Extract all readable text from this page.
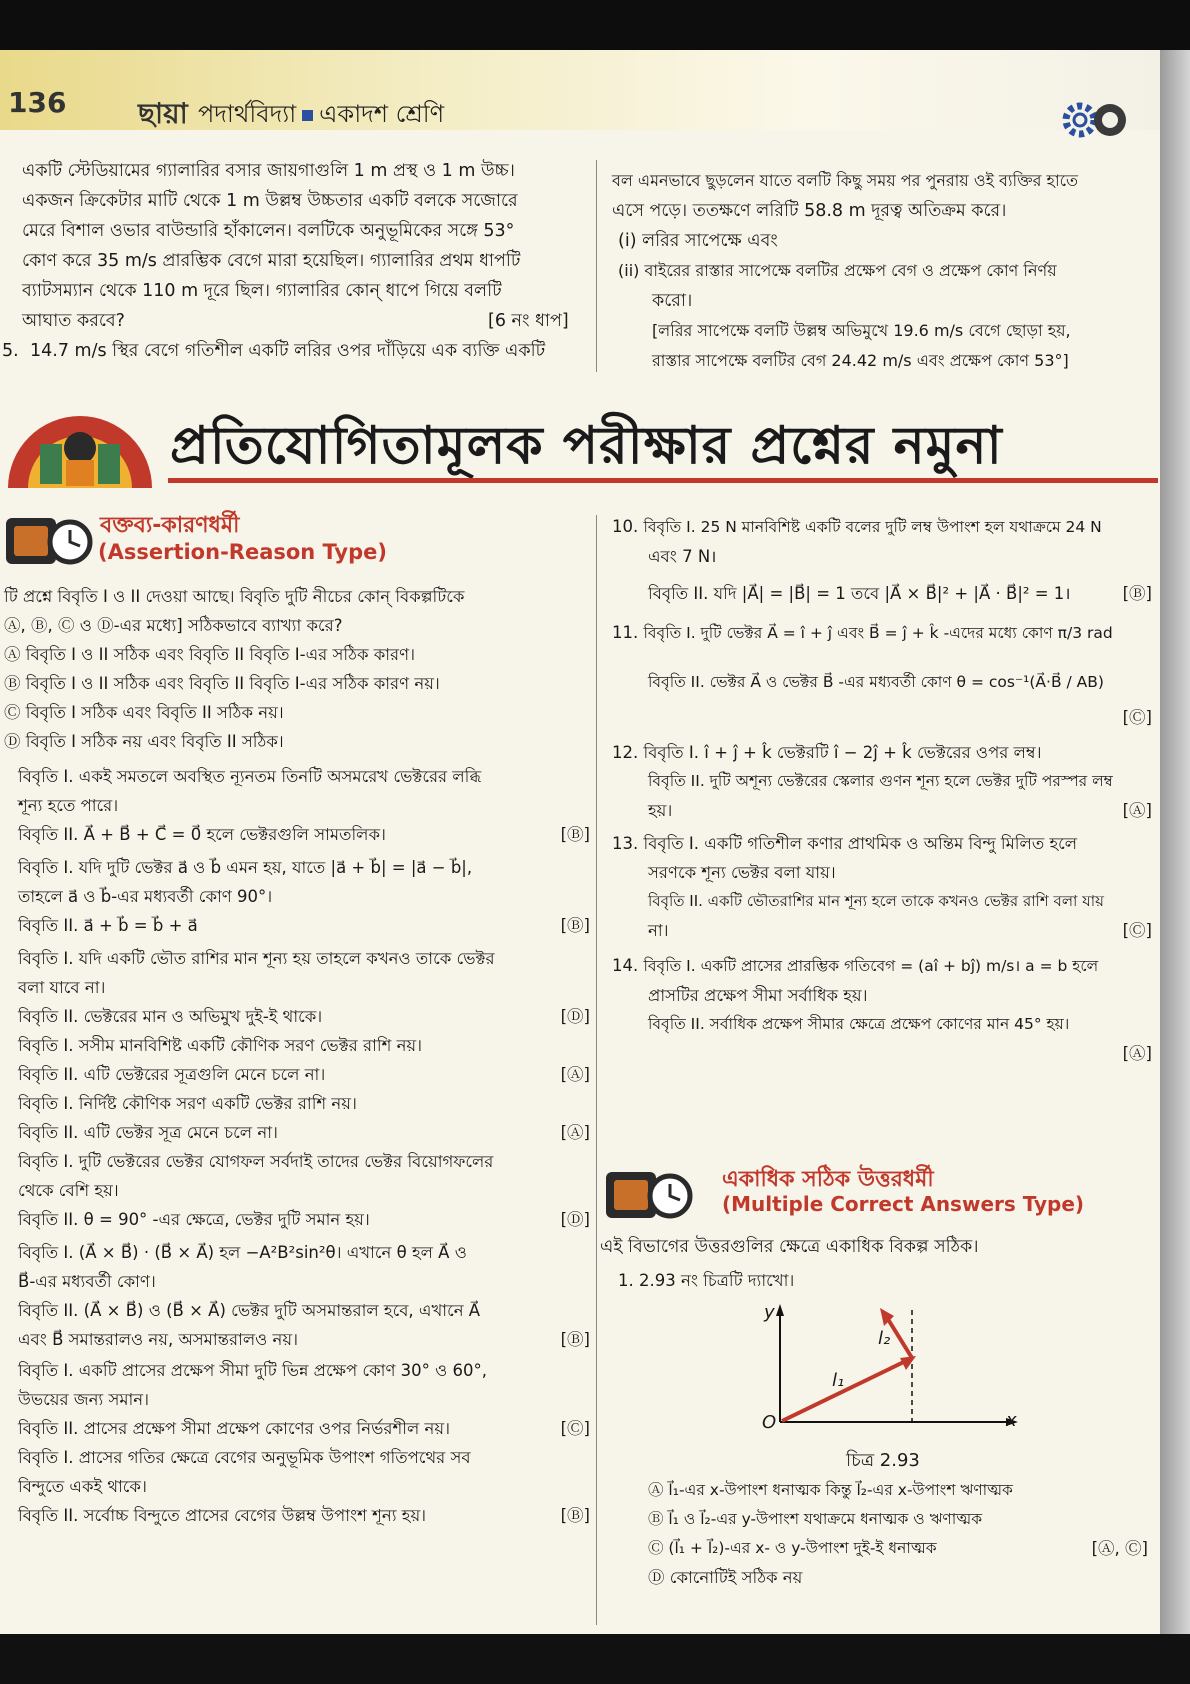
136	ছায়া পদার্থবিদ্যা একাদশ শ্রেণি
একটি স্টেডিয়ামের গ্যালারির বসার জায়গাগুলি 1 m প্রস্থ ও 1 m উচ্চ।
একজন ক্রিকেটার মাটি থেকে 1 m উল্লম্ব উচ্চতার একটি বলকে সজোরে
মেরে বিশাল ওভার বাউন্ডারি হাঁকালেন। বলটিকে অনুভূমিকের সঙ্গে 53°
কোণ করে 35 m/s প্রারম্ভিক বেগে মারা হয়েছিল। গ্যালারির প্রথম ধাপটি
ব্যাটসম্যান থেকে 110 m দূরে ছিল। গ্যালারির কোন্‌ ধাপে গিয়ে বলটি
আঘাত করবে?	[6 নং ধাপ]
5. 14.7 m/s স্থির বেগে গতিশীল একটি লরির ওপর দাঁড়িয়ে এক ব্যক্তি একটি
বল এমনভাবে ছুড়লেন যাতে বলটি কিছু সময় পর পুনরায় ওই ব্যক্তির হাতে
এসে পড়ে। ততক্ষণে লরিটি 58.8 m দূরত্ব অতিক্রম করে।
(i) লরির সাপেক্ষে এবং
(ii) বাইরের রাস্তার সাপেক্ষে বলটির প্রক্ষেপ বেগ ও প্রক্ষেপ কোণ নির্ণয়
করো।
[লরির সাপেক্ষে বলটি উল্লম্ব অভিমুখে 19.6 m/s বেগে ছোড়া হয়,
রাস্তার সাপেক্ষে বলটির বেগ 24.42 m/s এবং প্রক্ষেপ কোণ 53°]
প্রতিযোগিতামূলক পরীক্ষার প্রশ্নের নমুনা
বক্তব্য-কারণধর্মী
(Assertion-Reason Type)
টি প্রশ্নে বিবৃতি I ও II দেওয়া আছে। বিবৃতি দুটি নীচের কোন্‌ বিকল্পটিকে
Ⓐ, Ⓑ, Ⓒ ও Ⓓ-এর মধ্যে] সঠিকভাবে ব্যাখ্যা করে?
Ⓐ বিবৃতি I ও II সঠিক এবং বিবৃতি II বিবৃতি I-এর সঠিক কারণ।
Ⓑ বিবৃতি I ও II সঠিক এবং বিবৃতি II বিবৃতি I-এর সঠিক কারণ নয়।
Ⓒ বিবৃতি I সঠিক এবং বিবৃতি II সঠিক নয়।
Ⓓ বিবৃতি I সঠিক নয় এবং বিবৃতি II সঠিক।
বিবৃতি I. একই সমতলে অবস্থিত ন্যূনতম তিনটি অসমরেখ ভেক্টরের লব্ধি
শূন্য হতে পারে।
বিবৃতি II. A⃗ + B⃗ + C⃗ = 0⃗ হলে ভেক্টরগুলি সামতলিক।	[Ⓑ]
বিবৃতি I. যদি দুটি ভেক্টর a⃗ ও b⃗ এমন হয়, যাতে |a⃗ + b⃗| = |a⃗ − b⃗|,
তাহলে a⃗ ও b⃗-এর মধ্যবর্তী কোণ 90°।
বিবৃতি II. a⃗ + b⃗ = b⃗ + a⃗	[Ⓑ]
বিবৃতি I. যদি একটি ভৌত রাশির মান শূন্য হয় তাহলে কখনও তাকে ভেক্টর
বলা যাবে না।
বিবৃতি II. ভেক্টরের মান ও অভিমুখ দুই-ই থাকে।	[Ⓓ]
বিবৃতি I. সসীম মানবিশিষ্ট একটি কৌণিক সরণ ভেক্টর রাশি নয়।
বিবৃতি II. এটি ভেক্টরের সূত্রগুলি মেনে চলে না।	[Ⓐ]
বিবৃতি I. নির্দিষ্ট কৌণিক সরণ একটি ভেক্টর রাশি নয়।
বিবৃতি II. এটি ভেক্টর সূত্র মেনে চলে না।	[Ⓐ]
বিবৃতি I. দুটি ভেক্টরের ভেক্টর যোগফল সর্বদাই তাদের ভেক্টর বিয়োগফলের
থেকে বেশি হয়।
বিবৃতি II. θ = 90° -এর ক্ষেত্রে, ভেক্টর দুটি সমান হয়।	[Ⓓ]
বিবৃতি I. (A⃗ × B⃗) · (B⃗ × A⃗) হল −A²B²sin²θ। এখানে θ হল A⃗ ও
B⃗-এর মধ্যবর্তী কোণ।
বিবৃতি II. (A⃗ × B⃗) ও (B⃗ × A⃗) ভেক্টর দুটি অসমান্তরাল হবে, এখানে A⃗
এবং B⃗ সমান্তরালও নয়, অসমান্তরালও নয়।	[Ⓑ]
বিবৃতি I. একটি প্রাসের প্রক্ষেপ সীমা দুটি ভিন্ন প্রক্ষেপ কোণ 30° ও 60°,
উভয়ের জন্য সমান।
বিবৃতি II. প্রাসের প্রক্ষেপ সীমা প্রক্ষেপ কোণের ওপর নির্ভরশীল নয়।	[Ⓒ]
বিবৃতি I. প্রাসের গতির ক্ষেত্রে বেগের অনুভূমিক উপাংশ গতিপথের সব
বিন্দুতে একই থাকে।
বিবৃতি II. সর্বোচ্চ বিন্দুতে প্রাসের বেগের উল্লম্ব উপাংশ শূন্য হয়।	[Ⓑ]
10. বিবৃতি I. 25 N মানবিশিষ্ট একটি বলের দুটি লম্ব উপাংশ হল যথাক্রমে 24 N
এবং 7 N।
বিবৃতি II. যদি |A⃗| = |B⃗| = 1 তবে |A⃗ × B⃗|² + |A⃗ · B⃗|² = 1।	[Ⓑ]
11. বিবৃতি I. দুটি ভেক্টর A⃗ = î + ĵ এবং B⃗ = ĵ + k̂ -এদের মধ্যে কোণ π/3 rad
বিবৃতি II. ভেক্টর A⃗ ও ভেক্টর B⃗ -এর মধ্যবর্তী কোণ θ = cos⁻¹(A⃗·B⃗ / AB)
[Ⓒ]
12. বিবৃতি I. î + ĵ + k̂ ভেক্টরটি î − 2ĵ + k̂ ভেক্টরের ওপর লম্ব।
বিবৃতি II. দুটি অশূন্য ভেক্টরের স্কেলার গুণন শূন্য হলে ভেক্টর দুটি পরস্পর লম্ব
হয়।	[Ⓐ]
13. বিবৃতি I. একটি গতিশীল কণার প্রাথমিক ও অন্তিম বিন্দু মিলিত হলে
সরণকে শূন্য ভেক্টর বলা যায়।
বিবৃতি II. একটি ভৌতরাশির মান শূন্য হলে তাকে কখনও ভেক্টর রাশি বলা যায়
না।	[Ⓒ]
14. বিবৃতি I. একটি প্রাসের প্রারম্ভিক গতিবেগ = (aî + bĵ) m/s। a = b হলে
প্রাসটির প্রক্ষেপ সীমা সর্বাধিক হয়।
বিবৃতি II. সর্বাধিক প্রক্ষেপ সীমার ক্ষেত্রে প্রক্ষেপ কোণের মান 45° হয়।
[Ⓐ]
একাধিক সঠিক উত্তরধর্মী
(Multiple Correct Answers Type)
এই বিভাগের উত্তরগুলির ক্ষেত্রে একাধিক বিকল্প সঠিক।
1. 2.93 নং চিত্রটি দ্যাখো।
y
x
O
l₁
l₂
চিত্র 2.93
Ⓐ l⃗₁-এর x-উপাংশ ধনাত্মক কিন্তু l⃗₂-এর x-উপাংশ ঋণাত্মক
Ⓑ l⃗₁ ও l⃗₂-এর y-উপাংশ যথাক্রমে ধনাত্মক ও ঋণাত্মক
Ⓒ (l⃗₁ + l⃗₂)-এর x- ও y-উপাংশ দুই-ই ধনাত্মক	[Ⓐ, Ⓒ]
Ⓓ কোনোটিই সঠিক নয়
